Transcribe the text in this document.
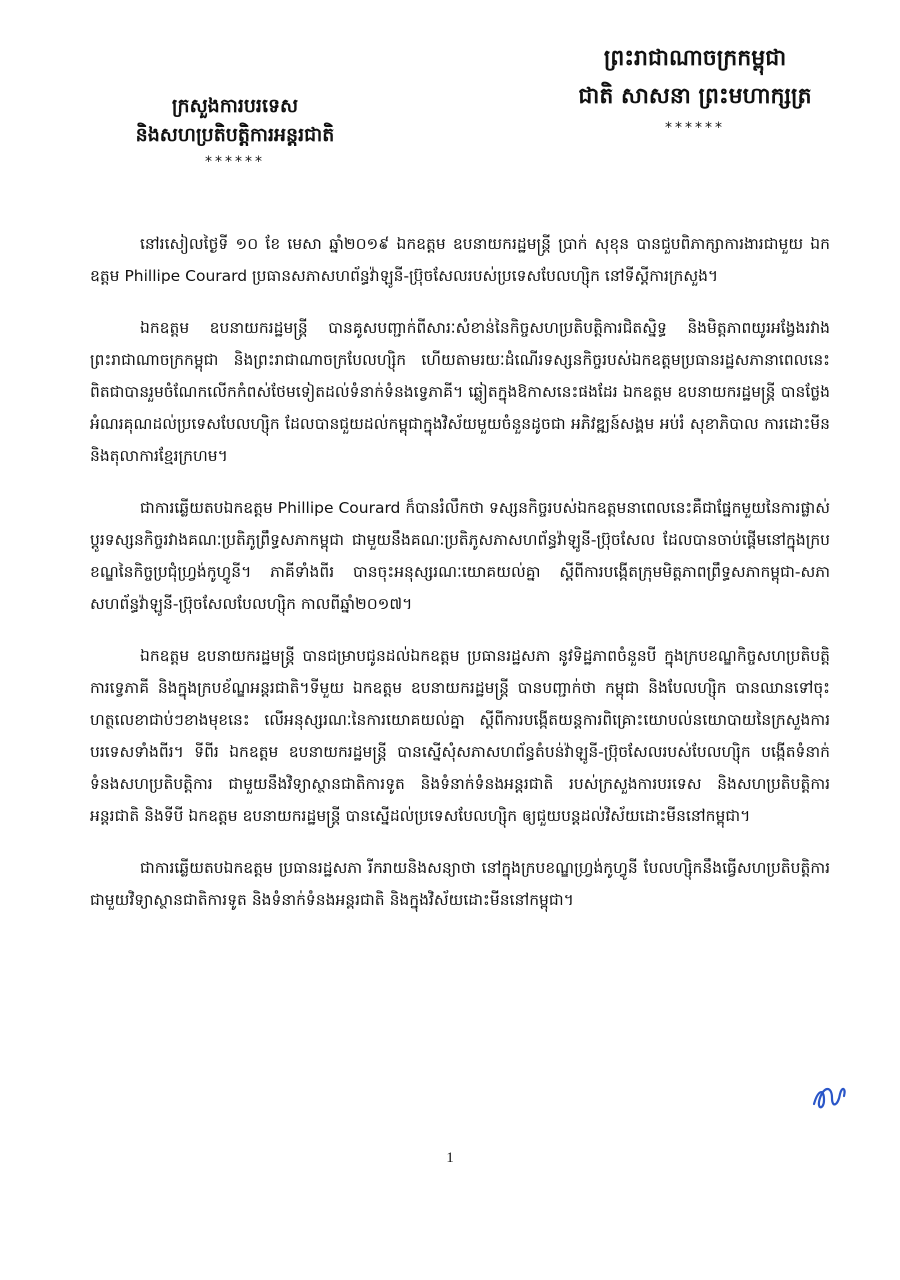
ក្រសួងការបរទេស

និងសហប្រតិបត្តិការអន្តរជាតិ

******

ព្រះរាជាណាចក្រកម្ពុជា

ជាតិ សាសនា ព្រះមហាក្សត្រ

******

នៅរសៀលថ្ងៃទី ១០ ខែ មេសា ឆ្នាំ២០១៩ ឯកឧត្តម ឧបនាយករដ្ឋមន្ត្រី ប្រាក់ សុខុន បានជួបពិភាក្សាការងារជាមួយ ឯកឧត្តម Phillipe Courard ប្រធានសភាសហព័ន្ធវ៉ាឡូនី-ប្រ៊ុចសែលរបស់ប្រទេសបែលហ្ស៊ិក នៅទីស្តីការក្រសួង។

ឯកឧត្តម ឧបនាយករដ្ឋមន្ត្រី បានគូសបញ្ជាក់ពីសារៈសំខាន់នៃកិច្ចសហប្រតិបត្តិការជិតស្និទ្ធ និងមិត្តភាពយូរអង្វែងរវាងព្រះរាជាណាចក្រកម្ពុជា និងព្រះរាជាណាចក្របែលហ្ស៊ិក ហើយតាមរយៈដំណើរទស្សនកិច្ចរបស់ឯកឧត្តមប្រធានរដ្ឋសភានាពេលនេះ ពិតជាបានរួមចំណែកលើកកំពស់ថែមទៀតដល់ទំនាក់ទំនងទ្វេភាគី។ ឆ្លៀតក្នុងឱកាសនេះផងដែរ ឯកឧត្តម ឧបនាយករដ្ឋមន្ត្រី បានថ្លែងអំណរគុណដល់ប្រទេសបែលហ្ស៊ិក ដែលបានជួយដល់កម្ពុជាក្នុងវិស័យមួយចំនួនដូចជា អភិវឌ្ឍន៍សង្គម អប់រំ សុខាភិបាល ការដោះមីន និងតុលាការខ្មែរក្រហម។

ជាការឆ្លើយតបឯកឧត្តម Phillipe Courard ក៏បានរំលឹកថា ទស្សនកិច្ចរបស់ឯកឧត្តមនាពេលនេះគឺជាផ្នែកមួយនៃការផ្លាស់ប្តូរទស្សនកិច្ចរវាងគណៈប្រតិភូព្រឹទ្ធសភាកម្ពុជា ជាមួយនឹងគណៈប្រតិភូសភាសហព័ន្ធវ៉ាឡូនី-ប្រ៊ុចសែល ដែលបានចាប់ផ្តើមនៅក្នុងក្របខណ្ឌនៃកិច្ចប្រជុំហ្វ្រង់កូហ្វូនី។ ភាគីទាំងពីរ បានចុះអនុស្សរណៈយោគយល់គ្នា ស្តីពីការបង្កើតក្រុមមិត្តភាពព្រឹទ្ធសភាកម្ពុជា-សភាសហព័ន្ធវ៉ាឡូនី-ប្រ៊ុចសែលបែលហ្ស៊ិក កាលពីឆ្នាំ២០១៧។

ឯកឧត្តម ឧបនាយករដ្ឋមន្ត្រី បានជម្រាបជូនដល់ឯកឧត្តម ប្រធានរដ្ឋសភា នូវទិដ្ឋភាពចំនួនបី ក្នុងក្របខណ្ឌកិច្ចសហប្រតិបត្តិការទ្វេភាគី និងក្នុងក្របខ័ណ្ឌអន្តរជាតិ។ទីមួយ ឯកឧត្តម ឧបនាយករដ្ឋមន្ត្រី បានបញ្ជាក់ថា កម្ពុជា និងបែលហ្ស៊ិក បានឈានទៅចុះហត្ថលេខាជាប់ៗខាងមុខនេះ លើអនុស្សរណៈនៃការយោគយល់គ្នា ស្តីពីការបង្កើតយន្តការពិគ្រោះយោបល់នយោបាយនៃក្រសួងការបរទេសទាំងពីរ។ ទីពីរ ឯកឧត្តម ឧបនាយករដ្ឋមន្ត្រី បានស្នើសុំសភាសហព័ន្ធតំបន់វ៉ាឡូនី-ប្រ៊ុចសែលរបស់បែលហ្ស៊ិក បង្កើតទំនាក់ទំនងសហប្រតិបត្តិការ ជាមួយនឹងវិទ្យាស្ថានជាតិការទូត និងទំនាក់ទំនងអន្តរជាតិ របស់ក្រសួងការបរទេស និងសហប្រតិបត្តិការអន្តរជាតិ និងទីបី ឯកឧត្តម ឧបនាយករដ្ឋមន្ត្រី បានស្នើដល់ប្រទេសបែលហ្ស៊ិក ឲ្យជួយបន្តដល់វិស័យដោះមីននៅកម្ពុជា។

ជាការឆ្លើយតបឯកឧត្តម ប្រធានរដ្ឋសភា រីករាយនិងសន្យាថា នៅក្នុងក្របខណ្ឌហ្វ្រង់កូហ្វូនី បែលហ្ស៊ិកនឹងធ្វើសហប្រតិបត្តិការជាមួយវិទ្យាស្ថានជាតិការទូត និងទំនាក់ទំនងអន្តរជាតិ និងក្នុងវិស័យដោះមីននៅកម្ពុជា។

1
